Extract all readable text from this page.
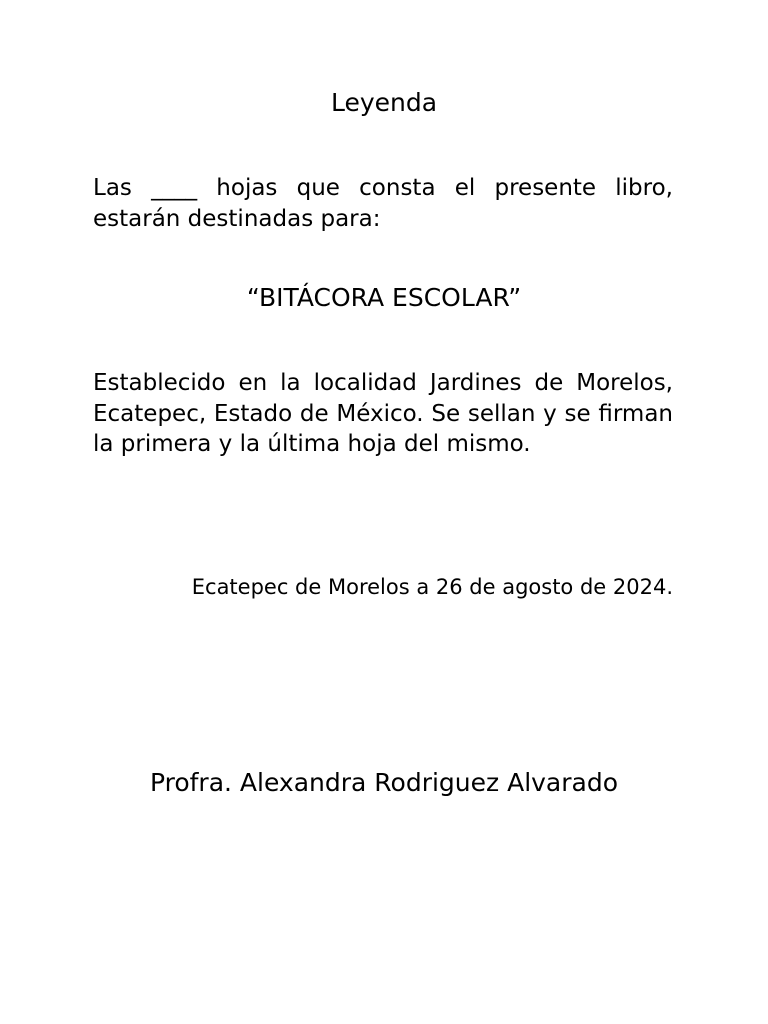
Leyenda

Las ____ hojas que consta el presente libro, estarán destinadas para:

“BITÁCORA ESCOLAR”

Establecido en la localidad Jardines de Morelos, Ecatepec, Estado de México. Se sellan y se firman la primera y la última hoja del mismo.

Ecatepec de Morelos a 26 de agosto de 2024.

Profra. Alexandra Rodriguez Alvarado
